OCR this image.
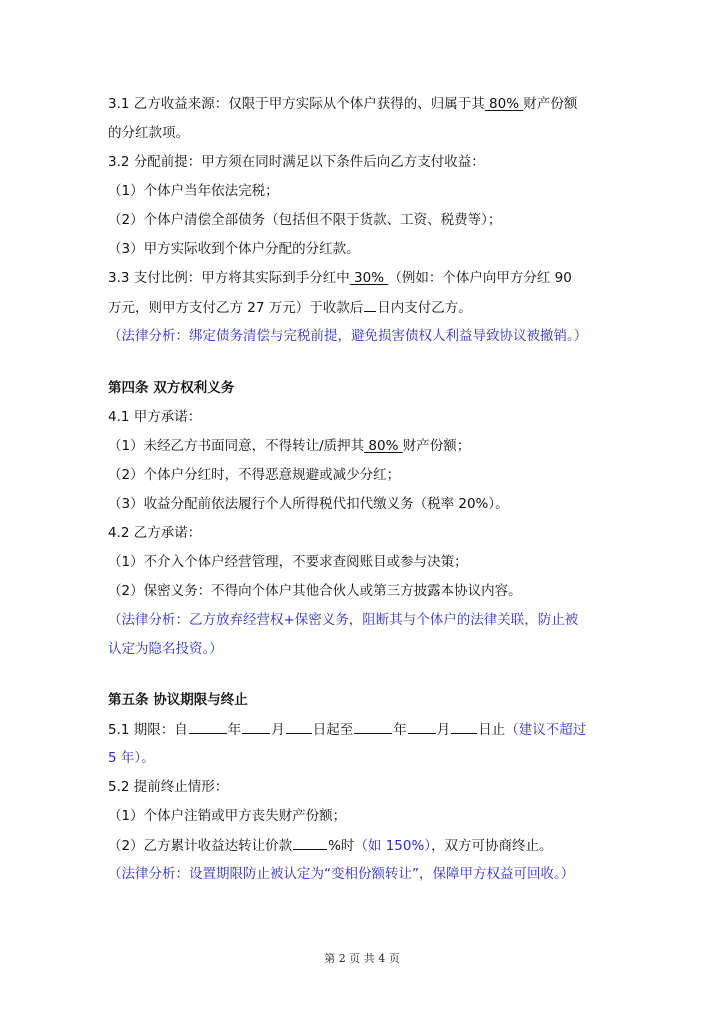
3.1 乙方收益来源：仅限于甲方实际从个体户获得的、归属于其 80% 财产份额
的分红款项。
3.2 分配前提：甲方须在同时满足以下条件后向乙方支付收益：
（1）个体户当年依法完税；
（2）个体户清偿全部债务（包括但不限于货款、工资、税费等）；
（3）甲方实际收到个体户分配的分红款。
3.3 支付比例：甲方将其实际到手分红中 30% （例如：个体户向甲方分红 90
万元，则甲方支付乙方 27 万元）于收款后 日内支付乙方。
（法律分析：绑定债务清偿与完税前提，避免损害债权人利益导致协议被撤销。）
第四条 双方权利义务
4.1 甲方承诺：
（1）未经乙方书面同意，不得转让/质押其 80% 财产份额；
（2）个体户分红时，不得恶意规避或减少分红；
（3）收益分配前依法履行个人所得税代扣代缴义务（税率 20%）。
4.2 乙方承诺：
（1）不介入个体户经营管理，不要求查阅账目或参与决策；
（2）保密义务：不得向个体户其他合伙人或第三方披露本协议内容。
（法律分析：乙方放弃经营权+保密义务，阻断其与个体户的法律关联，防止被
认定为隐名投资。）
第五条 协议期限与终止
5.1 期限：自	年 月 日起至	年 月 日止（建议不超过
5 年）。
5.2 提前终止情形：
（1）个体户注销或甲方丧失财产份额；
（2）乙方累计收益达转让价款	%时（如 150%），双方可协商终止。
（法律分析：设置期限防止被认定为“变相份额转让”，保障甲方权益可回收。）
第 2 页 共 4 页
